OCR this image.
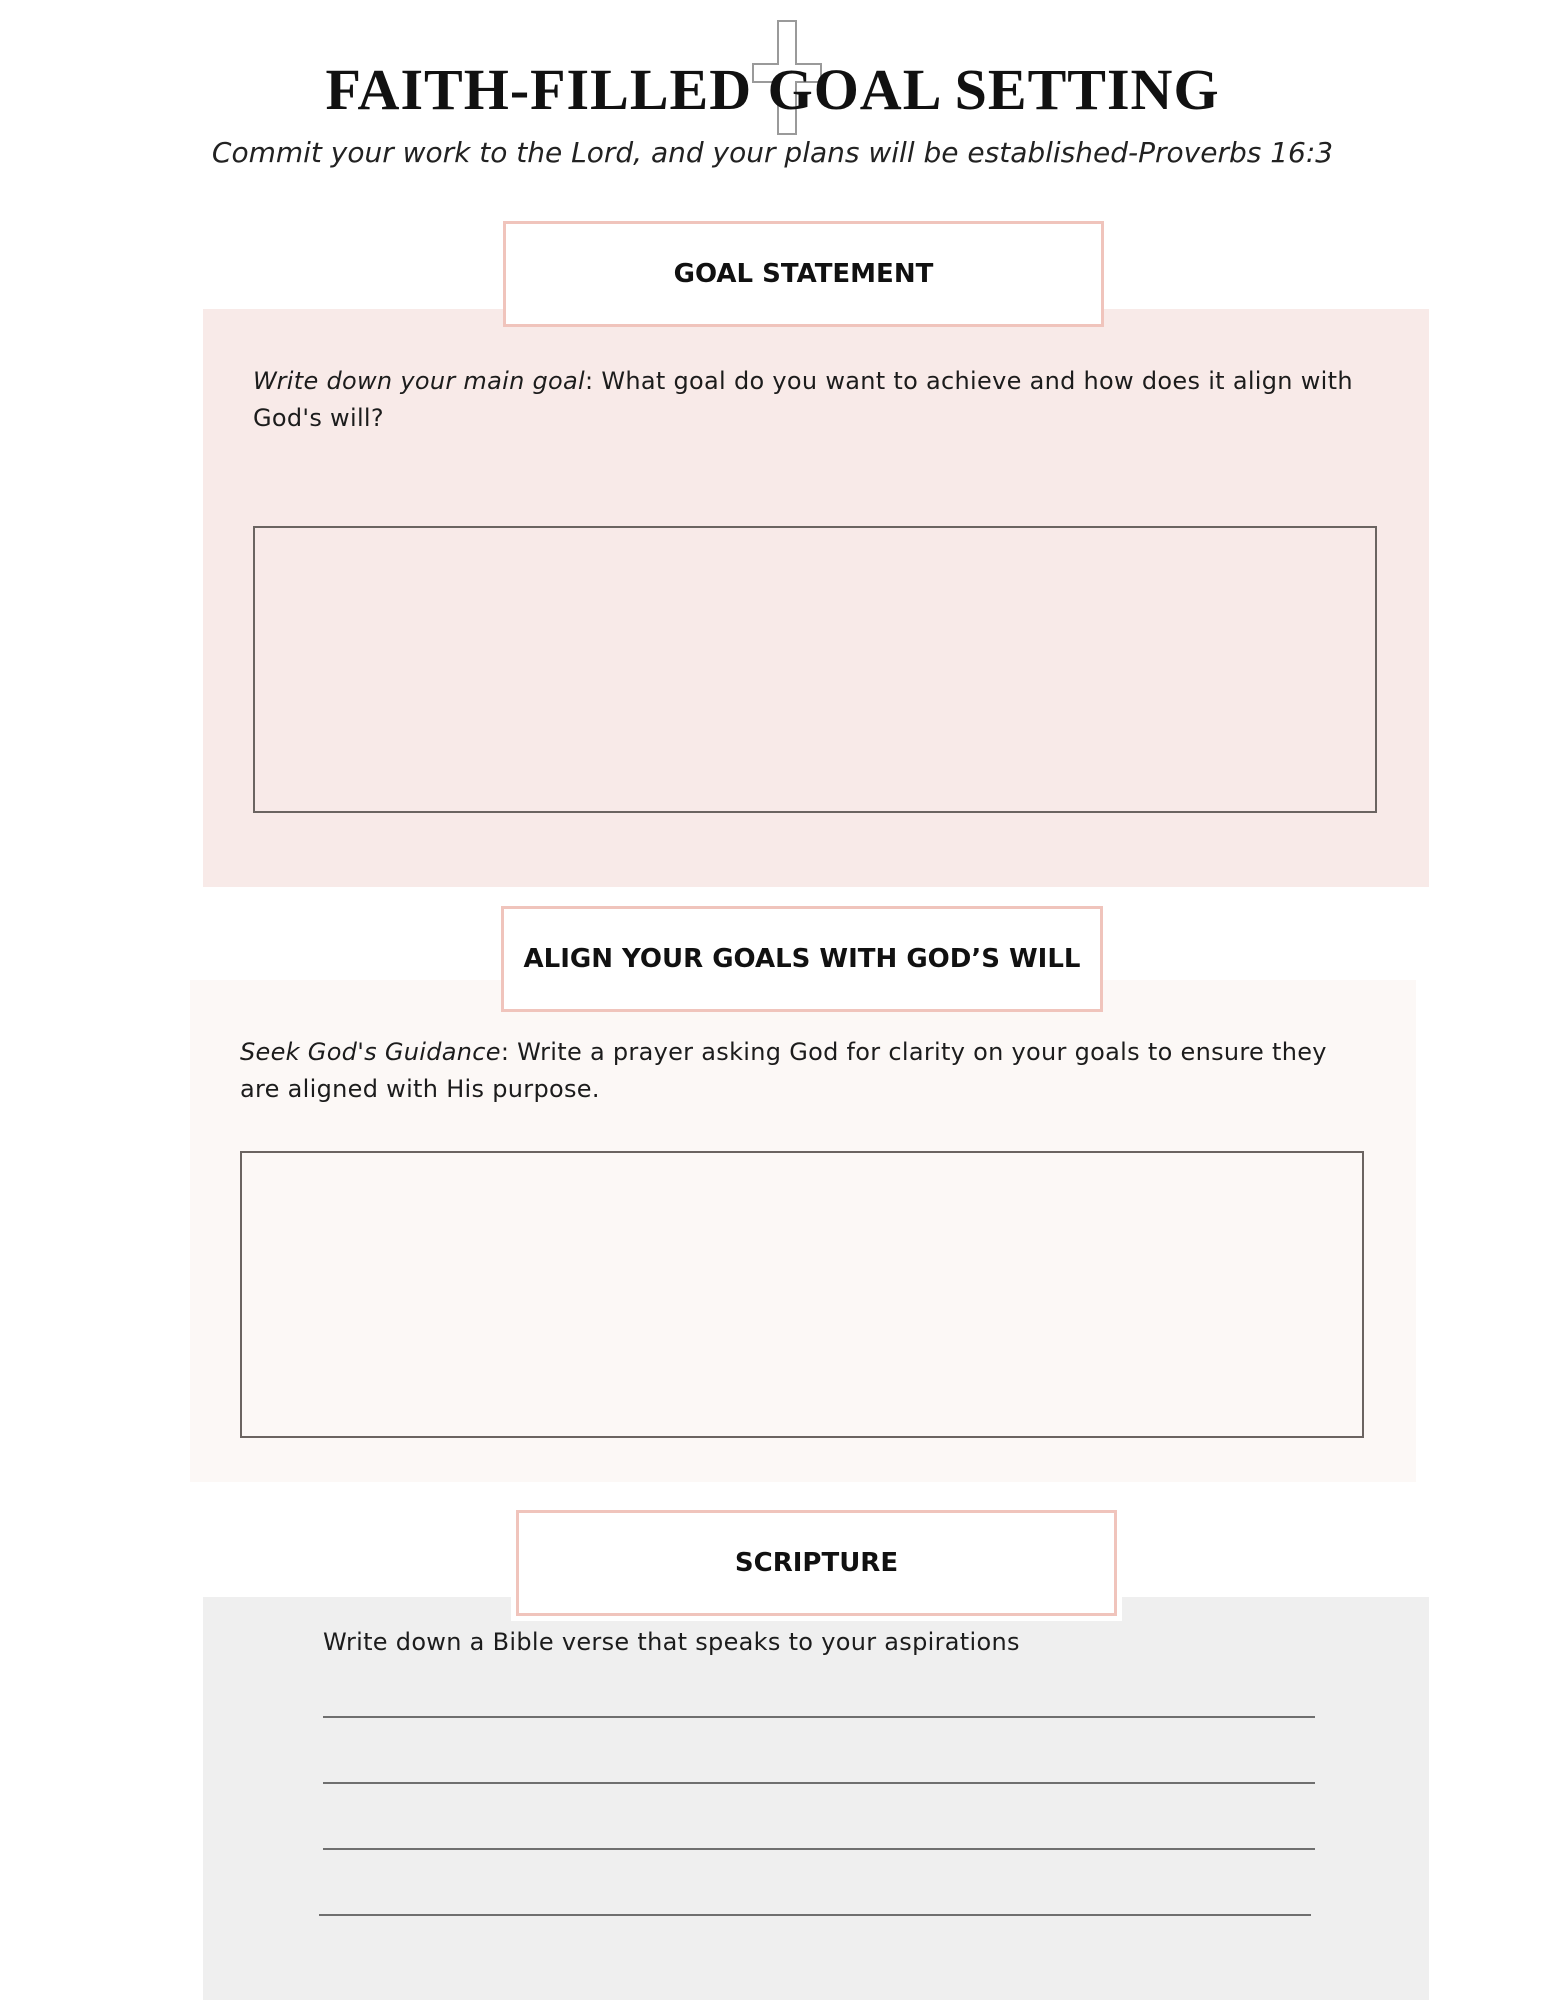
FAITH-FILLED GOAL SETTING
Commit your work to the Lord, and your plans will be established-Proverbs 16:3
GOAL STATEMENT
Write down your main goal: What goal do you want to achieve and how does it align with God's will?
ALIGN YOUR GOALS WITH GOD’S WILL
Seek God's Guidance: Write a prayer asking God for clarity on your goals to ensure they are aligned with His purpose.
SCRIPTURE
Write down a Bible verse that speaks to your aspirations
